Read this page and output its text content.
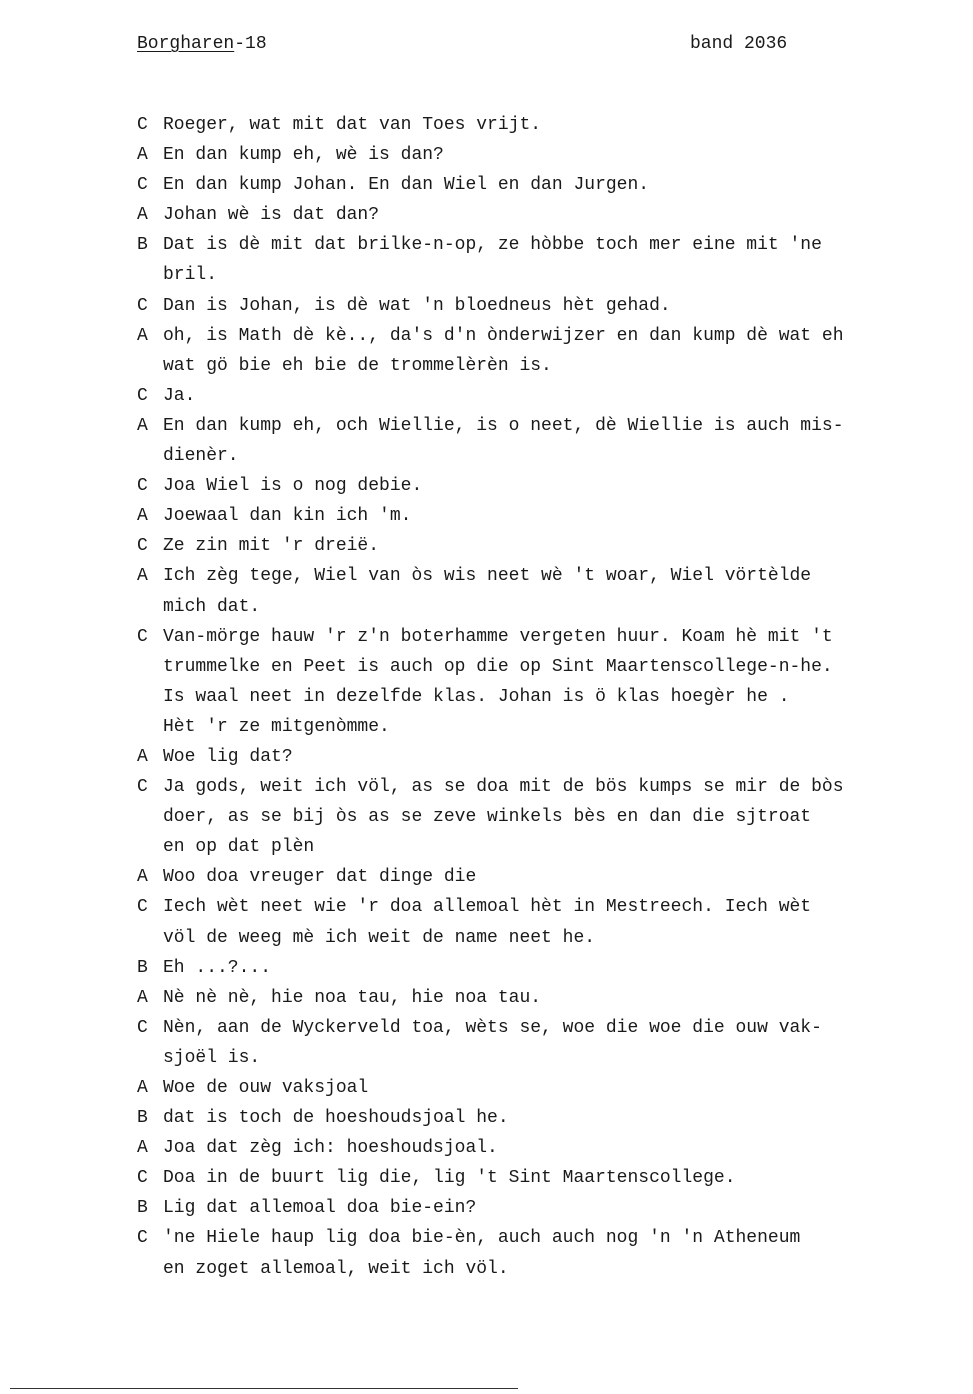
Borgharen-18	band 2036
C Roeger, wat mit dat van Toes vrijt.
A En dan kump eh, wè is dan?
C En dan kump Johan. En dan Wiel en dan Jurgen.
A Johan wè is dat dan?
B Dat is dè mit dat brilke-n-op, ze hòbbe toch mer eine mit 'ne
bril.
C Dan is Johan, is dè wat 'n bloedneus hèt gehad.
A oh, is Math dè kè.., da's d'n ònderwijzer en dan kump dè wat eh
wat gö bie eh bie de trommelèrèn is.
C Ja.
A En dan kump eh, och Wiellie, is o neet, dè Wiellie is auch mis-
dienèr.
C Joa Wiel is o nog debie.
A Joewaal dan kin ich 'm.
C Ze zin mit 'r dreië.
A Ich zèg tege, Wiel van òs wis neet wè 't woar, Wiel vörtèlde
mich dat.
C Van-mörge hauw 'r z'n boterhamme vergeten huur. Koam hè mit 't
trummelke en Peet is auch op die op Sint Maartenscollege-n-he.
Is waal neet in dezelfde klas. Johan is ö klas hoegèr he .
Hèt 'r ze mitgenòmme.
A Woe lig dat?
C Ja gods, weit ich völ, as se doa mit de bös kumps se mir de bòs
doer, as se bij òs as se zeve winkels bès en dan die sjtroat
en op dat plèn
A Woo doa vreuger dat dinge die
C Iech wèt neet wie 'r doa allemoal hèt in Mestreech. Iech wèt
völ de weeg mè ich weit de name neet he.
B Eh ...?...
A Nè nè nè, hie noa tau, hie noa tau.
C Nèn, aan de Wyckerveld toa, wèts se, woe die woe die ouw vak-
sjoël is.
A Woe de ouw vaksjoal
B dat is toch de hoeshoudsjoal he.
A Joa dat zèg ich: hoeshoudsjoal.
C Doa in de buurt lig die, lig 't Sint Maartenscollege.
B Lig dat allemoal doa bie-ein?
C 'ne Hiele haup lig doa bie-èn, auch auch nog 'n 'n Atheneum
en zoget allemoal, weit ich völ.
